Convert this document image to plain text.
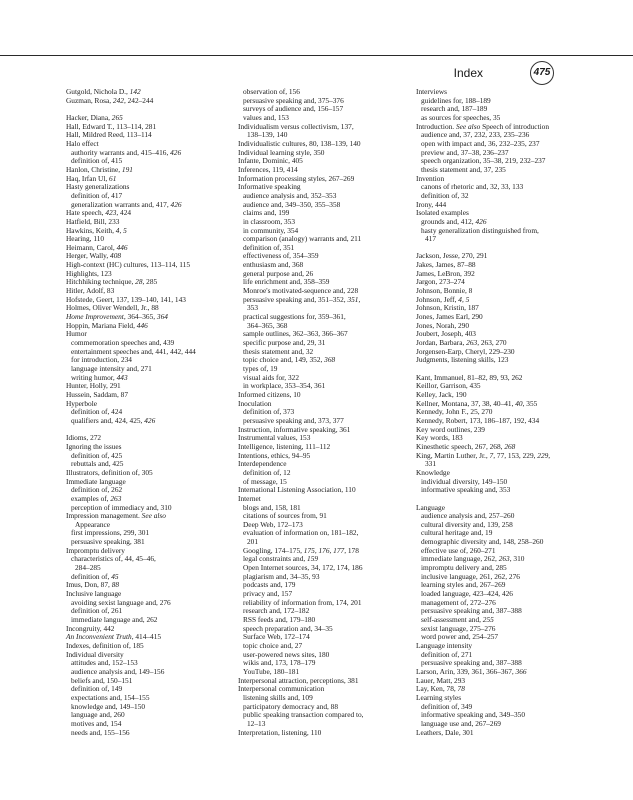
Index	475
Gutgold, Nichola D., 142
Guzman, Rosa, 242, 242–244
Hacker, Diana, 265
Hall, Edward T., 113–114, 281
Hall, Mildred Reed, 113–114
Halo effect
authority warrants and, 415–416, 426
definition of, 415
Hanlon, Christine, 191
Haq, Irfan Ul, 61
Hasty generalizations
definition of, 417
generalization warrants and, 417, 426
Hate speech, 423, 424
Hatfield, Bill, 233
Hawkins, Keith, 4, 5
Hearing, 110
Heimann, Carol, 446
Herger, Wally, 408
High-context (HC) cultures, 113–114, 115
Highlights, 123
Hitchhiking technique, 28, 285
Hitler, Adolf, 83
Hofstede, Geert, 137, 139–140, 141, 143
Holmes, Oliver Wendell, Jr., 88
Home Improvement, 364–365, 364
Hoppin, Mariana Field, 446
Humor
commemoration speeches and, 439
entertainment speeches and, 441, 442, 444
for introduction, 234
language intensity and, 271
writing humor, 443
Hunter, Holly, 291
Hussein, Saddam, 87
Hyperbole
definition of, 424
qualifiers and, 424, 425, 426
Idioms, 272
Ignoring the issues
definition of, 425
rebuttals and, 425
Illustrators, definition of, 305
Immediate language
definition of, 262
examples of, 263
perception of immediacy and, 310
Impression management. See also
Appearance
first impressions, 299, 301
persuasive speaking, 381
Impromptu delivery
characteristics of, 44, 45–46,
284–285
definition of, 45
Imus, Don, 87, 88
Inclusive language
avoiding sexist language and, 276
definition of, 261
immediate language and, 262
Incongruity, 442
An Inconvenient Truth, 414–415
Indexes, definition of, 185
Individual diversity
attitudes and, 152–153
audience analysis and, 149–156
beliefs and, 150–151
definition of, 149
expectations and, 154–155
knowledge and, 149–150
language and, 260
motives and, 154
needs and, 155–156
observation of, 156
persuasive speaking and, 375–376
surveys of audience and, 156–157
values and, 153
Individualism versus collectivism, 137,
138–139, 140
Individualistic cultures, 80, 138–139, 140
Individual learning style, 350
Infante, Dominic, 405
Inferences, 119, 414
Information processing styles, 267–269
Informative speaking
audience analysis and, 352–353
audience and, 349–350, 355–358
claims and, 199
in classroom, 353
in community, 354
comparison (analogy) warrants and, 211
definition of, 351
effectiveness of, 354–359
enthusiasm and, 368
general purpose and, 26
life enrichment and, 358–359
Monroe's motivated-sequence and, 228
persuasive speaking and, 351–352, 351,
353
practical suggestions for, 359–361,
364–365, 368
sample outlines, 362–363, 366–367
specific purpose and, 29, 31
thesis statement and, 32
topic choice and, 149, 352, 368
types of, 19
visual aids for, 322
in workplace, 353–354, 361
Informed citizens, 10
Inoculation
definition of, 373
persuasive speaking and, 373, 377
Instruction, informative speaking, 361
Instrumental values, 153
Intelligence, listening, 111–112
Intentions, ethics, 94–95
Interdependence
definition of, 12
of message, 15
International Listening Association, 110
Internet
blogs and, 158, 181
citations of sources from, 91
Deep Web, 172–173
evaluation of information on, 181–182,
201
Googling, 174–175, 175, 176, 177, 178
legal constraints and, 159
Open Internet sources, 34, 172, 174, 186
plagiarism and, 34–35, 93
podcasts and, 179
privacy and, 157
reliability of information from, 174, 201
research and, 172–182
RSS feeds and, 179–180
speech preparation and, 34–35
Surface Web, 172–174
topic choice and, 27
user-powered news sites, 180
wikis and, 173, 178–179
YouTube, 180–181
Interpersonal attraction, perceptions, 381
Interpersonal communication
listening skills and, 109
participatory democracy and, 88
public speaking transaction compared to,
12–13
Interpretation, listening, 110
Interviews
guidelines for, 188–189
research and, 187–189
as sources for speeches, 35
Introduction. See also Speech of introduction
audience and, 37, 232, 233, 235–236
open with impact and, 36, 232–235, 237
preview and, 37–38, 236–237
speech organization, 35–38, 219, 232–237
thesis statement and, 37, 235
Invention
canons of rhetoric and, 32, 33, 133
definition of, 32
Irony, 444
Isolated examples
grounds and, 412, 426
hasty generalization distinguished from,
417
Jackson, Jesse, 270, 291
Jakes, James, 87–88
James, LeBron, 392
Jargon, 273–274
Johnson, Bonnie, 8
Johnson, Jeff, 4, 5
Johnson, Kristin, 187
Jones, James Earl, 290
Jones, Norah, 290
Joubert, Joseph, 403
Jordan, Barbara, 263, 263, 270
Jorgensen-Earp, Cheryl, 229–230
Judgments, listening skills, 123
Kant, Immanuel, 81–82, 89, 93, 262
Keillor, Garrison, 435
Kelley, Jack, 190
Kellner, Montana, 37, 38, 40–41, 40, 355
Kennedy, John F., 25, 270
Kennedy, Robert, 173, 186–187, 192, 434
Key word outlines, 239
Key words, 183
Kinesthetic speech, 267, 268, 268
King, Martin Luther, Jr., 7, 77, 153, 229, 229,
331
Knowledge
individual diversity, 149–150
informative speaking and, 353
Language
audience analysis and, 257–260
cultural diversity and, 139, 258
cultural heritage and, 19
demographic diversity and, 148, 258–260
effective use of, 260–271
immediate language, 262, 263, 310
impromptu delivery and, 285
inclusive language, 261, 262, 276
learning styles and, 267–269
loaded language, 423–424, 426
management of, 272–276
persuasive speaking and, 387–388
self-assessment and, 255
sexist language, 275–276
word power and, 254–257
Language intensity
definition of, 271
persuasive speaking and, 387–388
Larson, Arin, 339, 361, 366–367, 366
Lauer, Matt, 293
Lay, Ken, 78, 78
Learning styles
definition of, 349
informative speaking and, 349–350
language use and, 267–269
Leathers, Dale, 301
